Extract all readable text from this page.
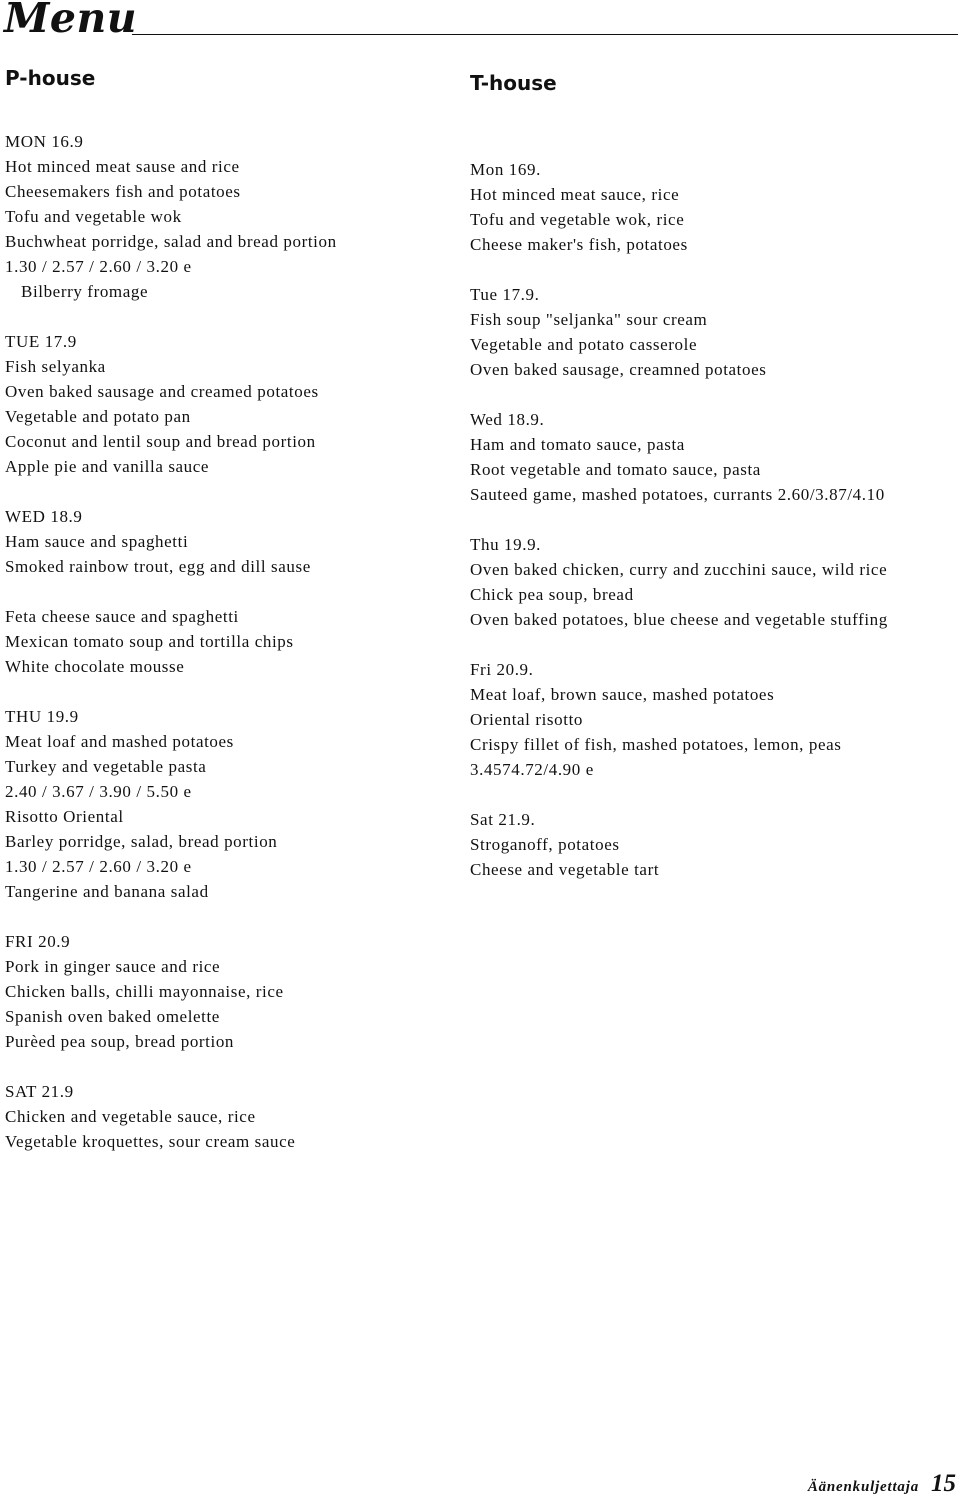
Menu
P-house	T-house
MON 16.9
Hot minced meat sause and rice
Cheesemakers fish and potatoes
Tofu and vegetable wok
Buchwheat porridge, salad and bread portion
1.30 / 2.57 / 2.60 / 3.20 e
Bilberry fromage
TUE 17.9
Fish selyanka
Oven baked sausage and creamed potatoes
Vegetable and potato pan
Coconut and lentil soup and bread portion
Apple pie and vanilla sauce
WED 18.9
Ham sauce and spaghetti
Smoked rainbow trout, egg and dill sause
Feta cheese sauce and spaghetti
Mexican tomato soup and tortilla chips
White chocolate mousse
THU 19.9
Meat loaf and mashed potatoes
Turkey and vegetable pasta
2.40 / 3.67 / 3.90 / 5.50 e
Risotto Oriental
Barley porridge, salad, bread portion
1.30 / 2.57 / 2.60 / 3.20 e
Tangerine and banana salad
FRI 20.9
Pork in ginger sauce and rice
Chicken balls, chilli mayonnaise, rice
Spanish oven baked omelette
Purèed pea soup, bread portion
SAT 21.9
Chicken and vegetable sauce, rice
Vegetable kroquettes, sour cream sauce
Mon 169.
Hot minced meat sauce, rice
Tofu and vegetable wok, rice
Cheese maker's fish, potatoes
Tue 17.9.
Fish soup "seljanka" sour cream
Vegetable and potato casserole
Oven baked sausage, creamned potatoes
Wed 18.9.
Ham and tomato sauce, pasta
Root vegetable and tomato sauce, pasta
Sauteed game, mashed potatoes, currants 2.60/3.87/4.10
Thu 19.9.
Oven baked chicken, curry and zucchini sauce, wild rice
Chick pea soup, bread
Oven baked potatoes, blue cheese and vegetable stuffing
Fri 20.9.
Meat loaf, brown sauce, mashed potatoes
Oriental risotto
Crispy fillet of fish, mashed potatoes, lemon, peas
3.4574.72/4.90 e
Sat 21.9.
Stroganoff, potatoes
Cheese and vegetable tart
Äänenkuljettaja 15
